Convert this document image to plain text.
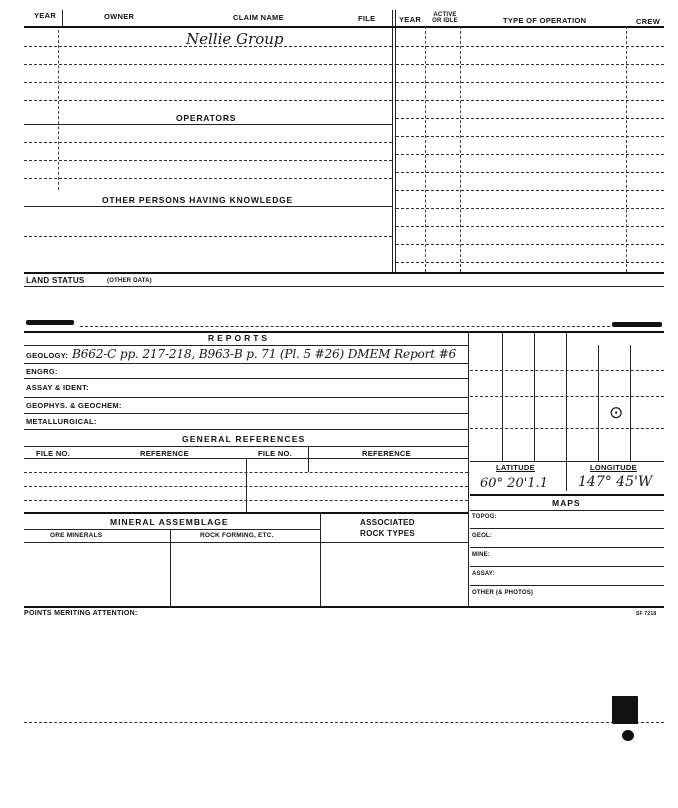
YEAR	OWNER	CLAIM NAME	FILE	YEAR ACTIVE OR IDLE	TYPE OF OPERATION	CREW
Nellie Group
OPERATORS
OTHER PERSONS HAVING KNOWLEDGE
LAND STATUS	(OTHER DATA)
REPORTS
GEOLOGY: B662-C pp. 217-218, B963-B p. 71 (Pl. 5 #26) DMEM Report #6
ENGRG:
ASSAY & IDENT:
GEOPHYS. & GEOCHEM:
METALLURGICAL:
GENERAL REFERENCES
FILE NO.	REFERENCE	FILE NO.	REFERENCE
MINERAL ASSEMBLAGE	ASSOCIATED
ROCK TYPES
ORE MINERALS	ROCK FORMING, ETC.
⊙
LATITUDE	LONGITUDE
60° 20'1.1 147° 45'W
MAPS
TOPOG:
GEOL:
MINE:
ASSAY:
OTHER (& PHOTOS)
POINTS MERITING ATTENTION:	SF 7218
